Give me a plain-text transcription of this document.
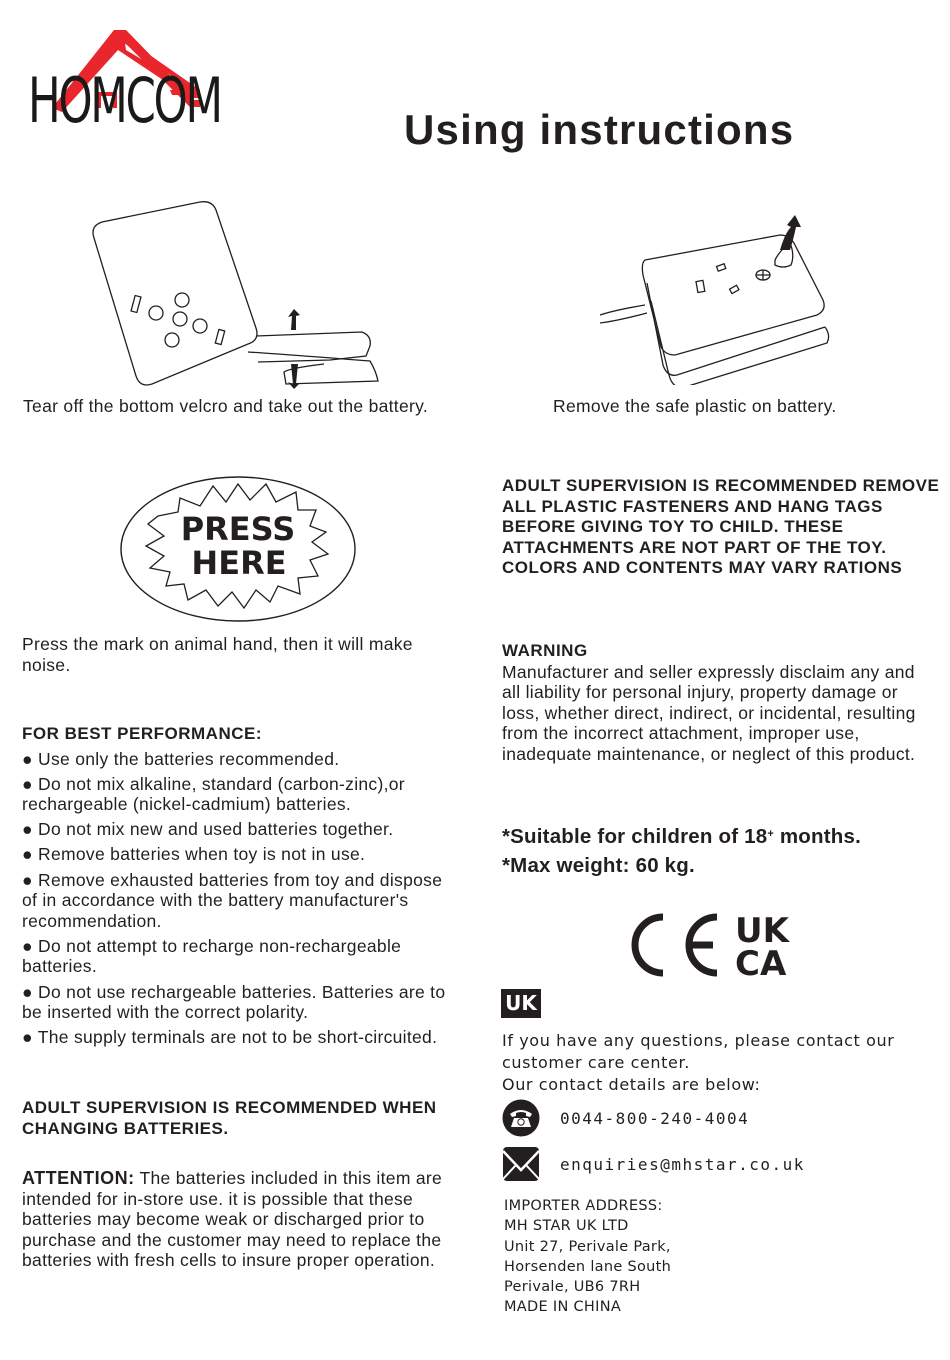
HOMCOM	Using instructions
Tear off the bottom velcro and take out the battery.	Remove the safe plastic on battery.
PRESS
HERE
Press the mark on animal hand, then it will make noise.
FOR BEST PERFORMANCE:
● Use only the batteries recommended.
● Do not mix alkaline, standard (carbon-zinc),or rechargeable (nickel-cadmium) batteries.
● Do not mix new and used batteries together.
● Remove batteries when toy is not in use.
● Remove exhausted batteries from toy and dispose of in accordance with the battery manufacturer's recommendation.
● Do not attempt to recharge non-rechargeable batteries.
● Do not use rechargeable batteries. Batteries are to be inserted with the correct polarity.
● The supply terminals are not to be short-circuited.
ADULT SUPERVISION IS RECOMMENDED WHEN CHANGING BATTERIES.
ATTENTION: The batteries included in this item are intended for in-store use. it is possible that these batteries may become weak or discharged prior to purchase and the customer may need to replace the batteries with fresh cells to insure proper operation.
ADULT SUPERVISION IS RECOMMENDED REMOVE ALL PLASTIC FASTENERS AND HANG TAGS BEFORE GIVING TOY TO CHILD. THESE ATTACHMENTS ARE NOT PART OF THE TOY. COLORS AND CONTENTS MAY VARY RATIONS
WARNING
Manufacturer and seller expressly disclaim any and all liability for personal injury, property damage or loss, whether direct, indirect, or incidental, resulting from the incorrect attachment, improper use, inadequate maintenance, or neglect of this product.
*Suitable for children of 18+ months.
*Max weight: 60 kg.
UK
CA
UK
If you have any questions, please contact our customer care center.
Our contact details are below:
0044-800-240-4004
enquiries@mhstar.co.uk
IMPORTER ADDRESS:
MH STAR UK LTD
Unit 27, Perivale Park,
Horsenden lane South
Perivale, UB6 7RH
MADE IN CHINA
